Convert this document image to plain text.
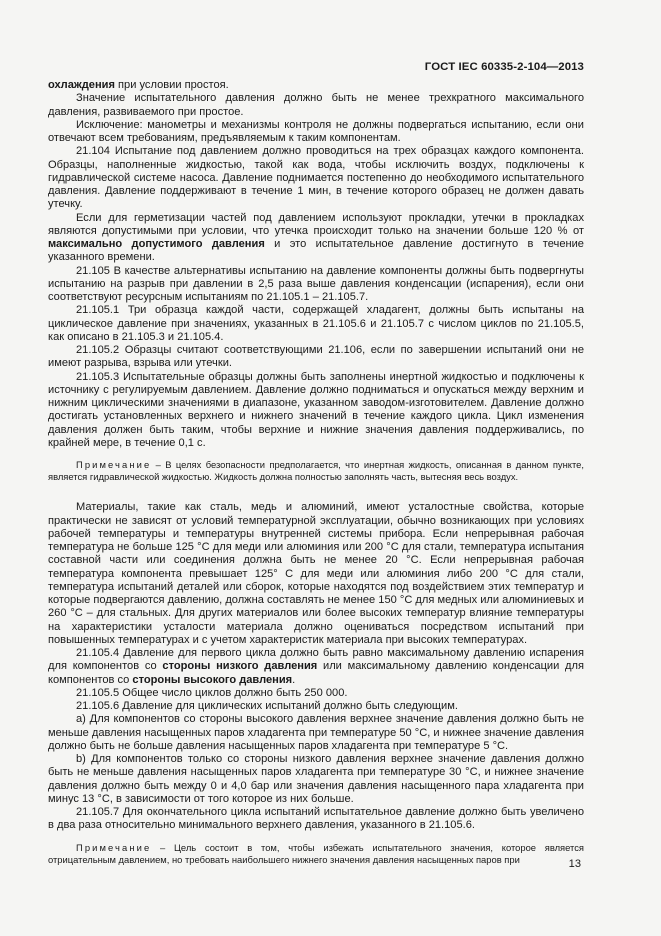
ГОСТ IEC 60335-2-104—2013

охлаждения при условии простоя.

Значение испытательного давления должно быть не менее трехкратного максимального давления, развиваемого при простое.

Исключение: манометры и механизмы контроля не должны подвергаться испытанию, если они отвечают всем требованиям, предъявляемым к таким компонентам.

21.104 Испытание под давлением должно проводиться на трех образцах каждого компонента. Образцы, наполненные жидкостью, такой как вода, чтобы исключить воздух, подключены к гидравлической системе насоса. Давление поднимается постепенно до необходимого испытательного давления. Давление поддерживают в течение 1 мин, в течение которого образец не должен давать утечку.

Если для герметизации частей под давлением используют прокладки, утечки в прокладках являются допустимыми при условии, что утечка происходит только на значении больше 120 % от максимально допустимого давления и это испытательное давление достигнуто в течение указанного времени.

21.105 В качестве альтернативы испытанию на давление компоненты должны быть подвергнуты испытанию на разрыв при давлении в 2,5 раза выше давления конденсации (испарения), если они соответствуют ресурсным испытаниям по 21.105.1 – 21.105.7.

21.105.1 Три образца каждой части, содержащей хладагент, должны быть испытаны на циклическое давление при значениях, указанных в 21.105.6 и 21.105.7 с числом циклов по 21.105.5, как описано в 21.105.3 и 21.105.4.

21.105.2 Образцы считают соответствующими 21.106, если по завершении испытаний они не имеют разрыва, взрыва или утечки.

21.105.3 Испытательные образцы должны быть заполнены инертной жидкостью и подключены к источнику с регулируемым давлением. Давление должно подниматься и опускаться между верхним и нижним циклическими значениями в диапазоне, указанном заводом-изготовителем. Давление должно достигать установленных верхнего и нижнего значений в течение каждого цикла. Цикл изменения давления должен быть таким, чтобы верхние и нижние значения давления поддерживались, по крайней мере, в течение 0,1 с.

Примечание – В целях безопасности предполагается, что инертная жидкость, описанная в данном пункте, является гидравлической жидкостью. Жидкость должна полностью заполнять часть, вытесняя весь воздух.

Материалы, такие как сталь, медь и алюминий, имеют усталостные свойства, которые практически не зависят от условий температурной эксплуатации, обычно возникающих при условиях рабочей температуры и температуры внутренней системы прибора. Если непрерывная рабочая температура не больше 125 °С для меди или алюминия или 200 °С для стали, температура испытания составной части или соединения должна быть не менее 20 °С. Если непрерывная рабочая температура компонента превышает 125° С для меди или алюминия либо 200 °С для стали, температура испытаний деталей или сборок, которые находятся под воздействием этих температур и которые подвергаются давлению, должна составлять не менее 150 °С для медных или алюминиевых и 260 °С – для стальных. Для других материалов или более высоких температур влияние температуры на характеристики усталости материала должно оцениваться посредством испытаний при повышенных температурах и с учетом характеристик материала при высоких температурах.

21.105.4 Давление для первого цикла должно быть равно максимальному давлению испарения для компонентов со стороны низкого давления или максимальному давлению конденсации для компонентов со стороны высокого давления.

21.105.5 Общее число циклов должно быть 250 000.

21.105.6 Давление для циклических испытаний должно быть следующим.

a) Для компонентов со стороны высокого давления верхнее значение давления должно быть не меньше давления насыщенных паров хладагента при температуре 50 °С, и нижнее значение давления должно быть не больше давления насыщенных паров хладагента при температуре 5 °С.

b) Для компонентов только со стороны низкого давления верхнее значение давления должно быть не меньше давления насыщенных паров хладагента при температуре 30 °С, и нижнее значение давления должно быть между 0 и 4,0 бар или значения давления насыщенного пара хладагента при минус 13 °С, в зависимости от того которое из них больше.

21.105.7 Для окончательного цикла испытаний испытательное давление должно быть увеличено в два раза относительно минимального верхнего давления, указанного в 21.105.6.

Примечание – Цель состоит в том, чтобы избежать испытательного значения, которое является отрицательным давлением, но требовать наибольшего нижнего значения давления насыщенных паров при	13
